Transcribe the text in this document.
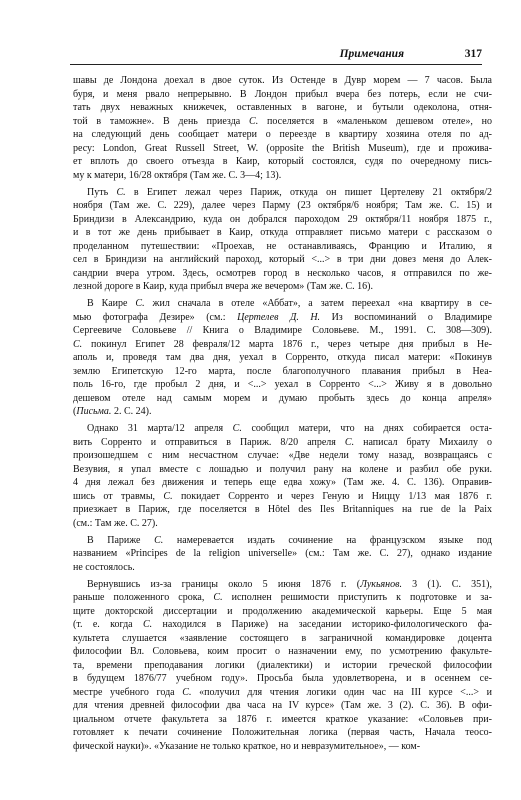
Примечания	317
шавы де Лондона доехал в двое суток. Из Остенде в Дувр морем — 7 часов. Была
буря, и меня рвало непрерывно. В Лондон прибыл вчера без потерь, если не счи-
тать двух неважных книжечек, оставленных в вагоне, и бутыли одеколона, отня-
той в таможне». В день приезда С. поселяется в «маленьком дешевом отеле», но
на следующий день сообщает матери о переезде в квартиру хозяина отеля по ад-
ресу: London, Great Russell Street, W. (opposite the British Museum), где и прожива-
ет вплоть до своего отъезда в Каир, который состоялся, судя по очередному пись-
му к матери, 16/28 октября (Там же. С. 3—4; 13).
Путь С. в Египет лежал через Париж, откуда он пишет Цертелеву 21 октября/2
ноября (Там же. С. 229), далее через Парму (23 октября/6 ноября; Там же. С. 15) и
Бриндизи в Александрию, куда он добрался пароходом 29 октября/11 ноября 1875 г.,
и в тот же день прибывает в Каир, откуда отправляет письмо матери с рассказом о
проделанном путешествии: «Проехав, не останавливаясь, Францию и Италию, я
сел в Бриндизи на английский пароход, который <...> в три дни довез меня до Алек-
сандрии вчера утром. Здесь, осмотрев город в несколько часов, я отправился по же-
лезной дороге в Каир, куда прибыл вчера же вечером» (Там же. С. 16).
В Каире С. жил сначала в отеле «Аббат», а затем переехал «на квартиру в се-
мью фотографа Дезире» (см.: Цертелев Д. Н. Из воспоминаний о Владимире
Сергеевиче Соловьеве // Книга о Владимире Соловьеве. М., 1991. С. 308—309).
С. покинул Египет 28 февраля/12 марта 1876 г., через четыре дня прибыл в Не-
аполь и, проведя там два дня, уехал в Сорренто, откуда писал матери: «Покинув
землю Египетскую 12-го марта, после благополучного плавания прибыл в Неа-
поль 16-го, где пробыл 2 дня, и <...> уехал в Сорренто <...> Живу я в довольно
дешевом отеле над самым морем и думаю пробыть здесь до конца апреля»
(Письма. 2. С. 24).
Однако 31 марта/12 апреля С. сообщил матери, что на днях собирается оста-
вить Сорренто и отправиться в Париж. 8/20 апреля С. написал брату Михаилу о
произошедшем с ним несчастном случае: «Две недели тому назад, возвращаясь с
Везувия, я упал вместе с лошадью и получил рану на колене и разбил обе руки.
4 дня лежал без движения и теперь еще едва хожу» (Там же. 4. С. 136). Оправив-
шись от травмы, С. покидает Сорренто и через Геную и Ниццу 1/13 мая 1876 г.
приезжает в Париж, где поселяется в Hôtel des Iles Britanniques на rue de la Paix
(см.: Там же. С. 27).
В Париже С. намеревается издать сочинение на французском языке под
названием «Principes de la religion universelle» (см.: Там же. С. 27), однако издание
не состоялось.
Вернувшись из-за границы около 5 июня 1876 г. (Лукьянов. 3 (1). С. 351),
раньше положенного срока, С. исполнен решимости приступить к подготовке и за-
щите докторской диссертации и продолжению академической карьеры. Еще 5 мая
(т. е. когда С. находился в Париже) на заседании историко-филологического фа-
культета слушается «заявление состоящего в заграничной командировке доцента
философии Вл. Соловьева, коим просит о назначении ему, по усмотрению факульте-
та, времени преподавания логики (диалектики) и истории греческой философии
в будущем 1876/77 учебном году». Просьба была удовлетворена, и в осеннем се-
местре учебного года С. «получил для чтения логики один час на III курсе <...> и
для чтения древней философии два часа на IV курсе» (Там же. 3 (2). С. 36). В офи-
циальном отчете факультета за 1876 г. имеется краткое указание: «Соловьев при-
готовляет к печати сочинение Положительная логика (первая часть, Начала теосо-
фической науки)». «Указание не только краткое, но и невразумительное», — ком-
